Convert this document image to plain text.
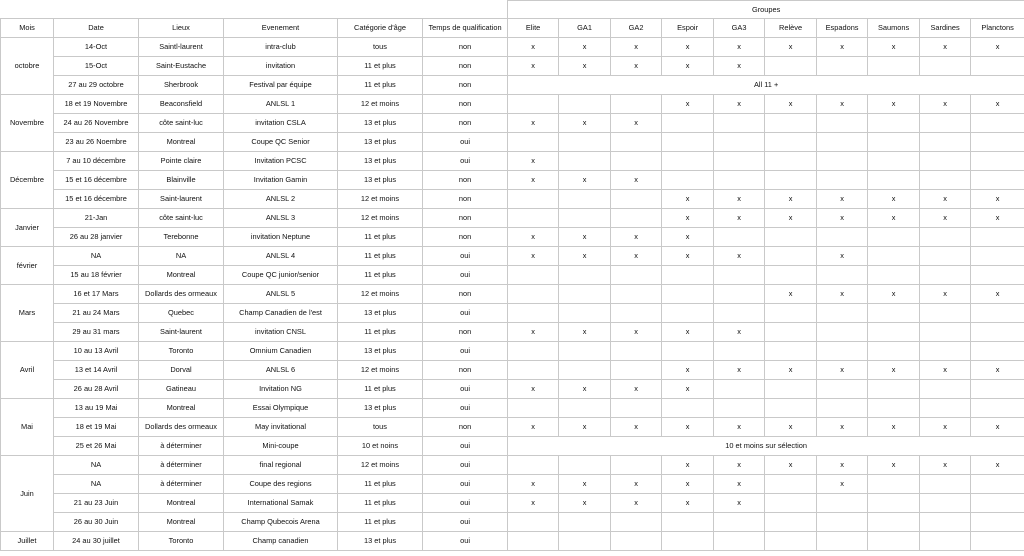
						Groupes									
Mois	Date	Lieux	Evenement	Catégorie d'âge	Temps de qualification	Elite	GA1	GA2	Espoir	GA3	Relève	Espadons	Saumons	Sardines	Planctons
octobre	14-Oct	Saintl-laurent	intra-club	tous	non	x	x	x	x	x	x	x	x	x	x
	15-Oct	Saint-Eustache	invitation	11 et plus	non	x	x	x	x	x					
	27 au 29 octobre	Sherbrook	Festival par équipe	11 et plus	non	All 11 +									
Novembre	18 et 19 Novembre	Beaconsfield	ANLSL 1	12 et moins	non				x	x	x	x	x	x	x
	24 au 26 Novembre	côte saint-luc	invitation CSLA	13 et plus	non	x	x	x							
	23 au 26 Noembre	Montreal	Coupe QC Senior	13 et plus	oui										
Décembre	7 au 10 décembre	Pointe claire	Invitation PCSC	13 et plus	oui	x									
	15 et 16 décembre	Blainville	Invitation Gamin	13 et plus	non	x	x	x							
	15 et 16 décembre	Saint-laurent	ANLSL 2	12 et moins	non				x	x	x	x	x	x	x
Janvier	21-Jan	côte saint-luc	ANLSL 3	12 et moins	non				x	x	x	x	x	x	x
	26 au 28 janvier	Terebonne	invitation Neptune	11 et plus	non	x	x	x	x						
février	NA	NA	ANLSL 4	11 et plus	oui	x	x	x	x	x		x			
	15 au 18 février	Montreal	Coupe QC junior/senior	11 et plus	oui										
Mars	16 et 17 Mars	Dollards des ormeaux	ANLSL 5	12 et moins	non						x	x	x	x	x
	21 au 24 Mars	Quebec	Champ Canadien de l'est	13 et plus	oui										
	29 au 31 mars	Saint-laurent	invitation CNSL	11 et plus	non	x	x	x	x	x					
Avril	10 au 13 Avril	Toronto	Omnium Canadien	13 et plus	oui										
	13 et 14 Avril	Dorval	ANLSL 6	12 et moins	non				x	x	x	x	x	x	x
	26 au 28 Avril	Gatineau	Invitation NG	11 et plus	oui	x	x	x	x						
Mai	13 au 19 Mai	Montreal	Essai Olympique	13 et plus	oui										
	18 et 19 Mai	Dollards des ormeaux	May invitational	tous	non	x	x	x	x	x	x	x	x	x	x
	25 et 26 Mai	à déterminer	Mini-coupe	10 et noins	oui	10 et moins sur sélection									
Juin	NA	à déterminer	final regional	12 et moins	oui				x	x	x	x	x	x	x
	NA	à déterminer	Coupe des regions	11 et plus	oui	x	x	x	x	x		x			
	21 au 23 Juin	Montreal	International Samak	11 et plus	oui	x	x	x	x	x					
	26 au 30 Juin	Montreal	Champ Qubecois Arena	11 et plus	oui										
Juillet	24 au 30 juillet	Toronto	Champ canadien	13 et plus	oui										
